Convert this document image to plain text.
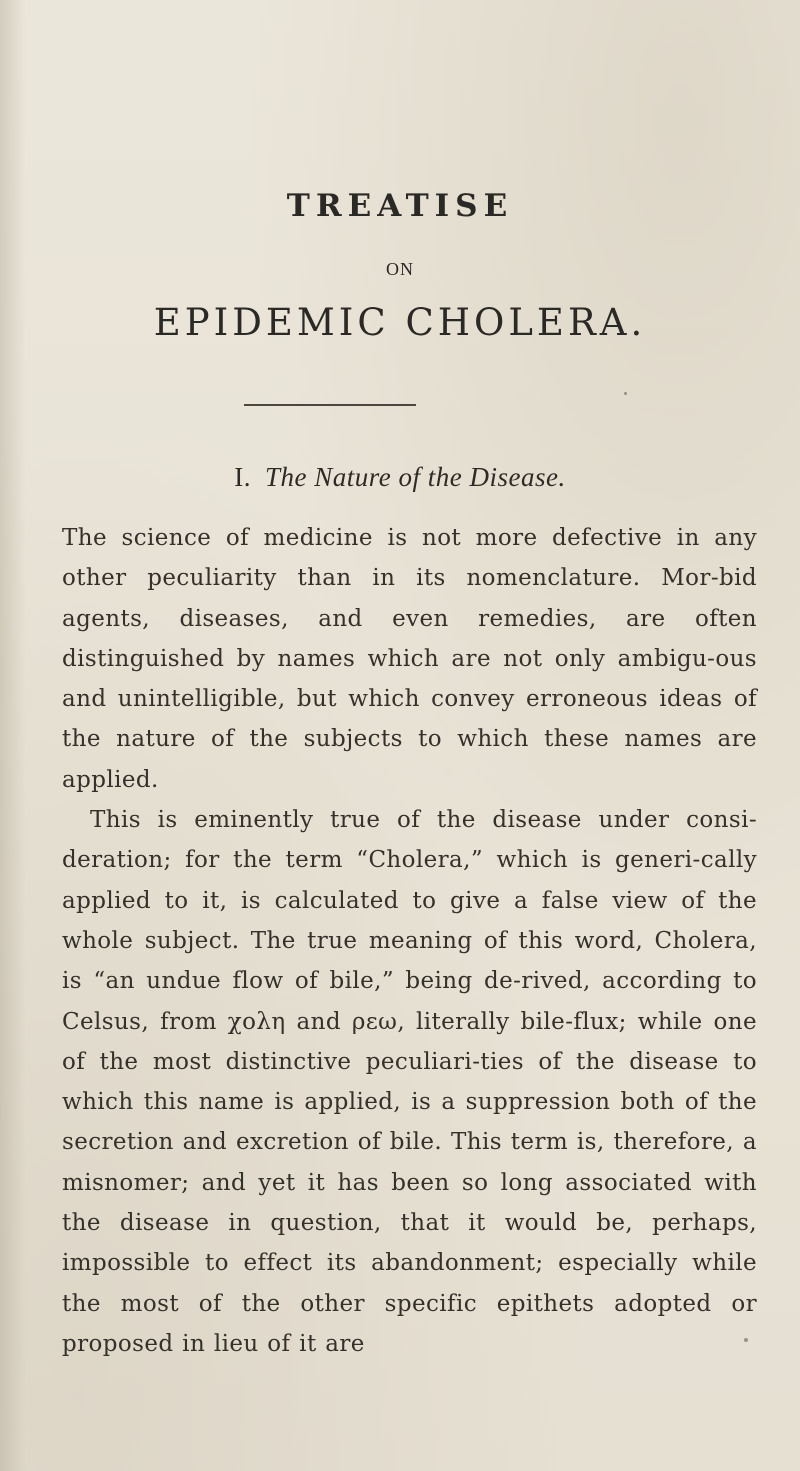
TREATISE
ON
EPIDEMIC CHOLERA.
I. The Nature of the Disease.

The science of medicine is not more defective in any other peculiarity than in its nomenclature. Mor-bid agents, diseases, and even remedies, are often distinguished by names which are not only ambigu-ous and unintelligible, but which convey erroneous ideas of the nature of the subjects to which these names are applied.

This is eminently true of the disease under consi-deration; for the term “Cholera,” which is generi-cally applied to it, is calculated to give a false view of the whole subject. The true meaning of this word, Cholera, is “an undue flow of bile,” being de-rived, according to Celsus, from χολη and ρεω, literally bile-flux; while one of the most distinctive peculiari-ties of the disease to which this name is applied, is a suppression both of the secretion and excretion of bile. This term is, therefore, a misnomer; and yet it has been so long associated with the disease in question, that it would be, perhaps, impossible to effect its abandonment; especially while the most of the other specific epithets adopted or proposed in lieu of it are
